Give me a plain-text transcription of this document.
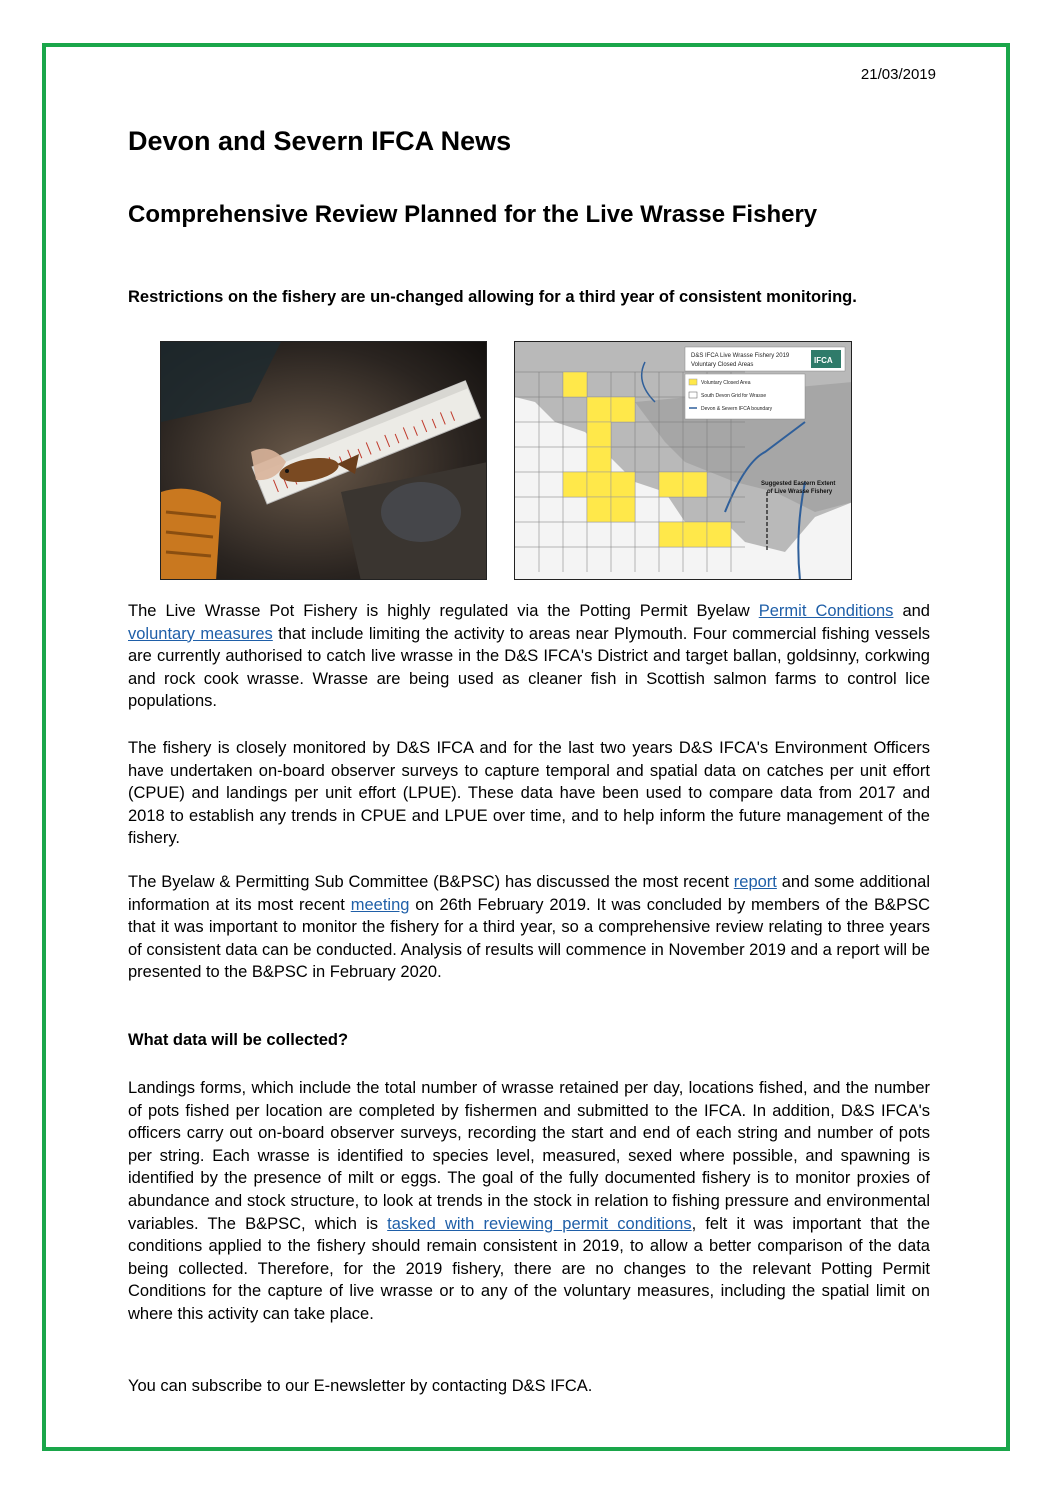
21/03/2019
Devon and Severn IFCA News
Comprehensive Review Planned for the Live Wrasse Fishery

Restrictions on the fishery are un-changed allowing for a third year of consistent monitoring.

D&S IFCA Live Wrasse Fishery 2019
Voluntary Closed Areas	IFCA
Voluntary Closed Area
South Devon Grid for Wrasse
Devon & Severn IFCA boundary
Suggested Eastern Extent
of Live Wrasse Fishery

The Live Wrasse Pot Fishery is highly regulated via the Potting Permit Byelaw Permit Conditions and voluntary measures that include limiting the activity to areas near Plymouth. Four commercial fishing vessels are currently authorised to catch live wrasse in the D&S IFCA's District and target ballan, goldsinny, corkwing and rock cook wrasse. Wrasse are being used as cleaner fish in Scottish salmon farms to control lice populations.

The fishery is closely monitored by D&S IFCA and for the last two years D&S IFCA's Environment Officers have undertaken on-board observer surveys to capture temporal and spatial data on catches per unit effort (CPUE) and landings per unit effort (LPUE). These data have been used to compare data from 2017 and 2018 to establish any trends in CPUE and LPUE over time, and to help inform the future management of the fishery.

The Byelaw & Permitting Sub Committee (B&PSC) has discussed the most recent report and some additional information at its most recent meeting on 26th February 2019. It was concluded by members of the B&PSC that it was important to monitor the fishery for a third year, so a comprehensive review relating to three years of consistent data can be conducted. Analysis of results will commence in November 2019 and a report will be presented to the B&PSC in February 2020.

What data will be collected?

Landings forms, which include the total number of wrasse retained per day, locations fished, and the number of pots fished per location are completed by fishermen and submitted to the IFCA. In addition, D&S IFCA's officers carry out on-board observer surveys, recording the start and end of each string and number of pots per string. Each wrasse is identified to species level, measured, sexed where possible, and spawning is identified by the presence of milt or eggs. The goal of the fully documented fishery is to monitor proxies of abundance and stock structure, to look at trends in the stock in relation to fishing pressure and environmental variables. The B&PSC, which is tasked with reviewing permit conditions, felt it was important that the conditions applied to the fishery should remain consistent in 2019, to allow a better comparison of the data being collected. Therefore, for the 2019 fishery, there are no changes to the relevant Potting Permit Conditions for the capture of live wrasse or to any of the voluntary measures, including the spatial limit on where this activity can take place.

You can subscribe to our E-newsletter by contacting D&S IFCA.
